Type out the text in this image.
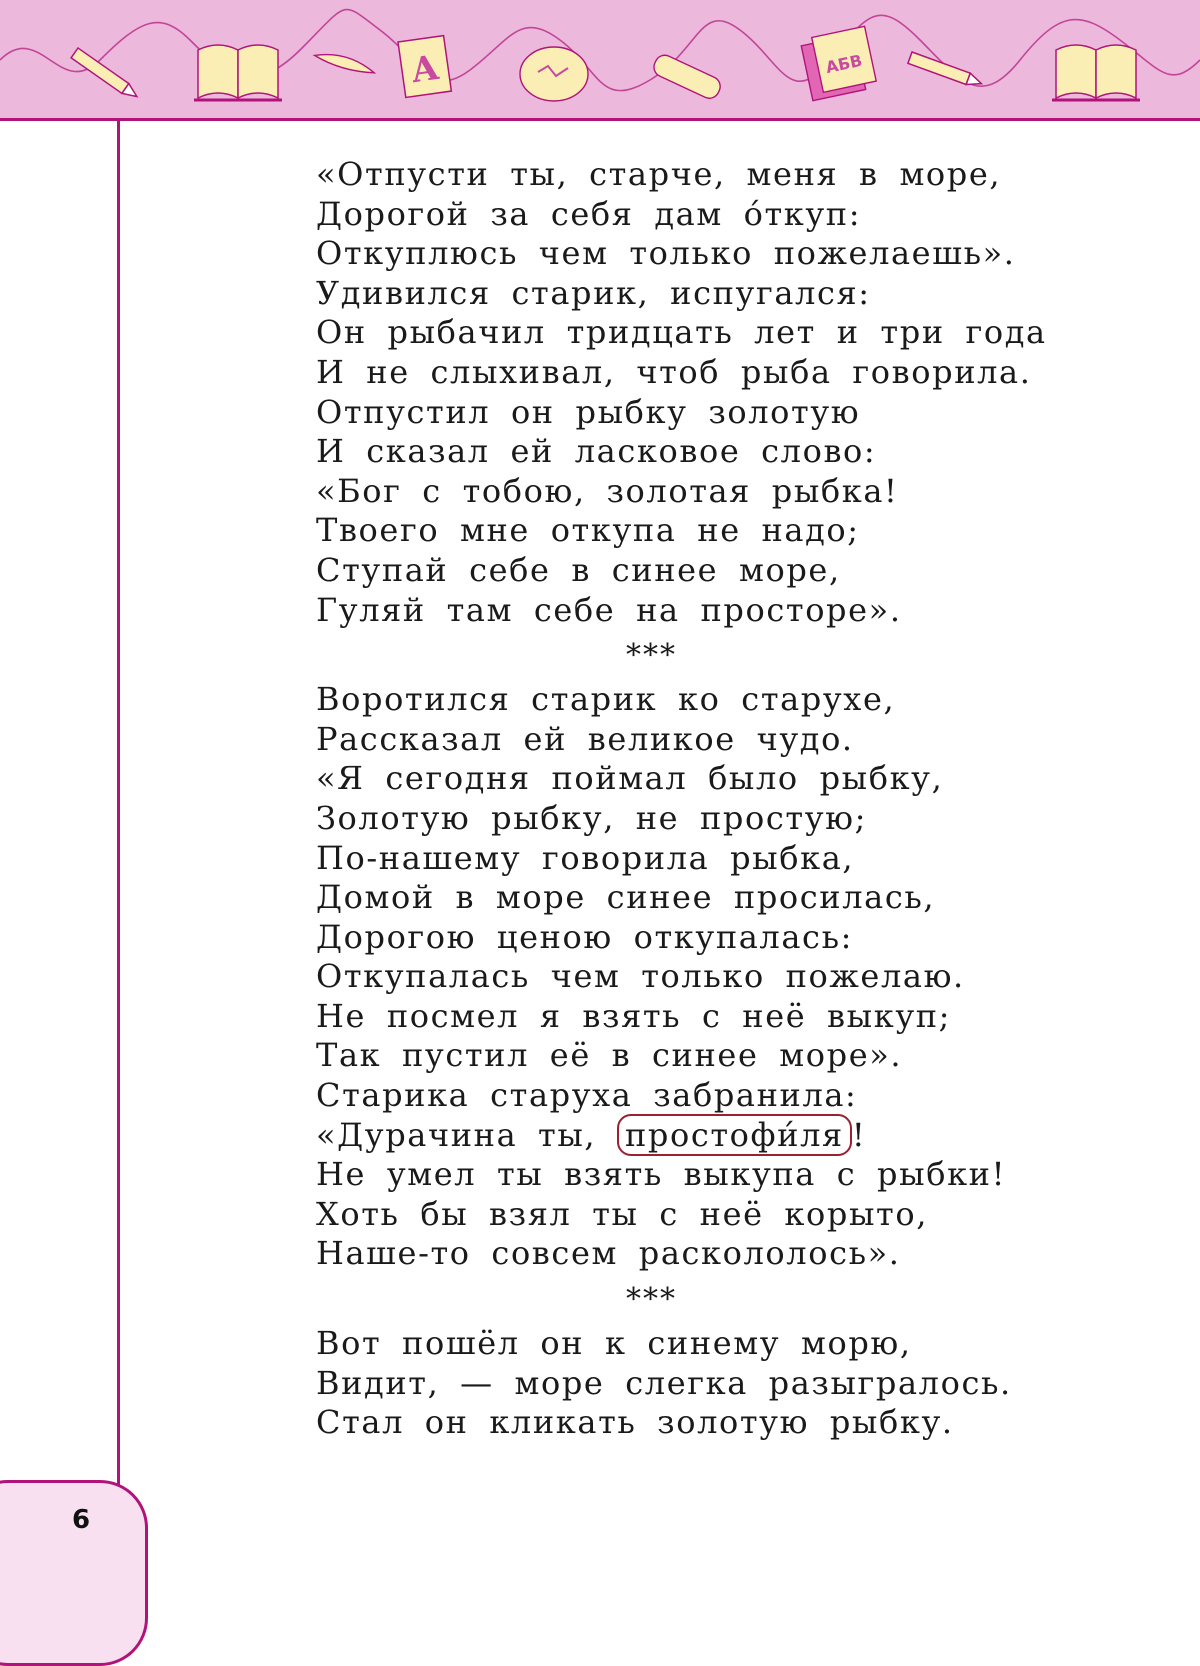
А	АБВ
6
«Отпусти ты, старче, меня в море,
Дорогой за себя дам о́ткуп:
Откуплюсь чем только пожелаешь».
Удивился старик, испугался:
Он рыбачил тридцать лет и три года
И не слыхивал, чтоб рыба говорила.
Отпустил он рыбку золотую
И сказал ей ласковое слово:
«Бог с тобою, золотая рыбка!
Твоего мне откупа не надо;
Ступай себе в синее море,
Гуляй там себе на просторе».
***
Воротился старик ко старухе,
Рассказал ей великое чудо.
«Я сегодня поймал было рыбку,
Золотую рыбку, не простую;
По-нашему говорила рыбка,
Домой в море синее просилась,
Дорогою ценою откупалась:
Откупалась чем только пожелаю.
Не посмел я взять с неё выкуп;
Так пустил её в синее море».
Старика старуха забранила:
«Дурачина ты, простофи́ля !
Не умел ты взять выкупа с рыбки!
Хоть бы взял ты с неё корыто,
Наше-то совсем раскололось».
***
Вот пошёл он к синему морю,
Видит, — море слегка разыгралось.
Стал он кликать золотую рыбку.
